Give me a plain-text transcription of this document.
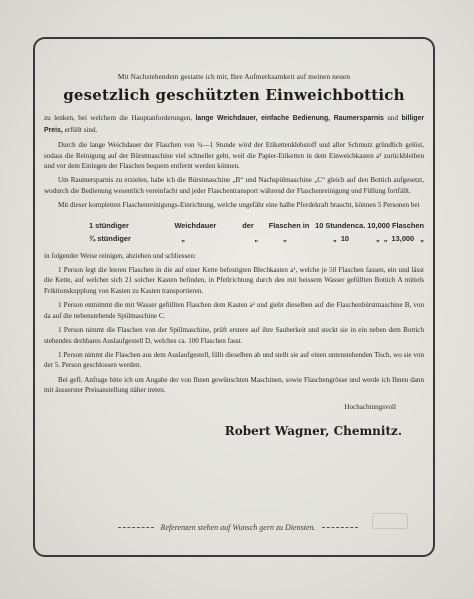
Mit Nachstehendem gestatte ich mir, Ihre Aufmerksamkeit auf meinen neuen

gesetzlich geschützten Einweichbottich

zu lenken, bei welchem die Hauptanforderungen, lange Weichdauer, einfache Bedienung, Raumersparnis und billiger Preis, erfüllt sind.

Durch die lange Weichdauer der Flaschen von ¾—1 Stunde wird der Etikettenklebstoff und aller Schmutz gründlich gelöst, sodass die Reinigung auf der Bürstmaschine viel schneller geht, weil die Papier-Etiketten in dem Einweichkasten a¹ zurückbleiben und vor dem Einlegen der Flaschen bequem entfernt werden können.

Um Raumersparnis zu erzielen, habe ich die Bürstmaschine „B“ und Nachspülmaschine „C“ gleich auf den Bottich aufgesetzt, wodurch die Bedienung wesentlich vereinfacht und jeder Flaschentransport während der Flaschenreinigung und Füllung fortfällt.

Mit dieser kompletten Flaschenreinigungs-Einrichtung, welche ungefähr eine halbe Pferdekraft braucht, können 5 Personen bei

1 stündiger	Weichdauer	der	Flaschen in 10 Stunden ca. 10,000 Flaschen
¾ stündiger	„	„	„	„  10	„  „  13,000   „

in folgender Weise reinigen, abziehen und schliessen:

1 Person legt die leeren Flaschen in die auf einer Kette befestigten Blechkasten a¹, welche je 50 Flaschen fassen, ein und lässt die Kette, auf welcher sich 21 solcher Kasten befinden, in Pfeilrichtung durch den mit heissem Wasser gefüllten Bottich A mittels Friktionskupplung von Kasten zu Kasten transportieren.

1 Person entnimmt die mit Wasser gefüllten Flaschen dem Kasten a² und giebt dieselben auf die Flaschenbürstmaschine B, von da auf die nebenstehende Spülmaschine C.

1 Person nimmt die Flaschen von der Spülmaschine, prüft erstere auf ihre Sauberkeit und steckt sie in ein neben dem Bottich stehendes drehbares Auslaufgestell D, welches ca. 100 Flaschen fasst.

1 Person nimmt die Flaschen aus dem Auslaufgestell, füllt dieselben ab und stellt sie auf einen untenstehenden Tisch, wo sie von der 5. Person geschlossen werden.

Bei gefl. Anfrage bitte ich um Angabe der von Ihnen gewünschten Maschinen, sowie Flaschengrösse und werde ich Ihnen dann mit äusserster Preisanstellung näher treten.

Hochachtungsvoll

Robert Wagner, Chemnitz.

Referenzen stehen auf Wunsch gern zu Diensten.
